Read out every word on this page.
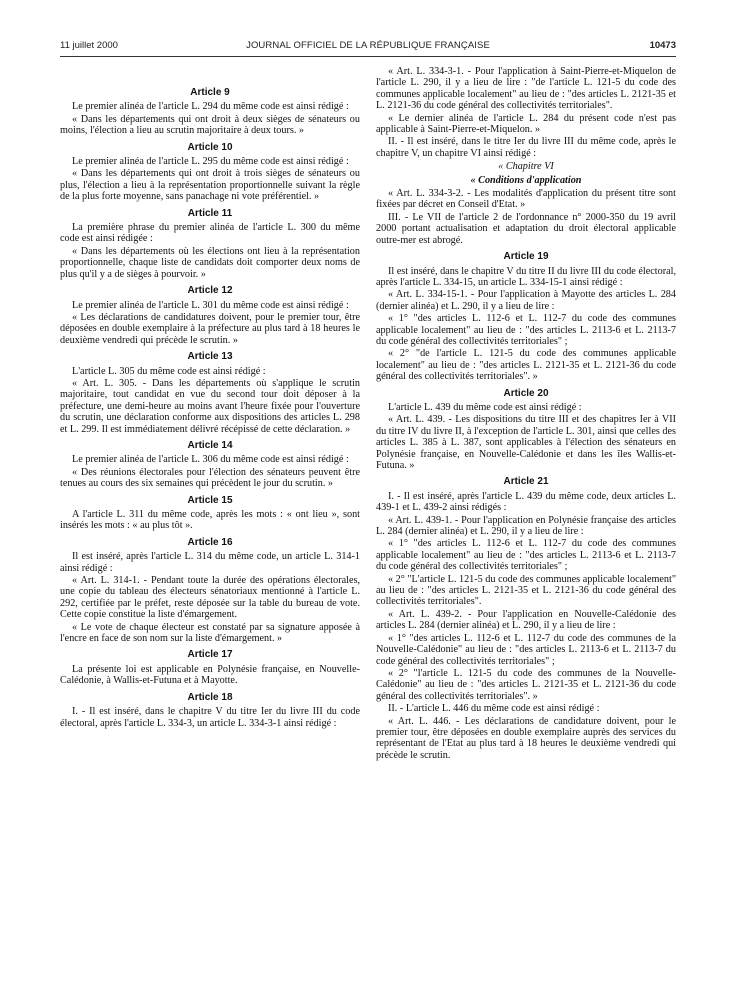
11 juillet 2000	JOURNAL OFFICIEL DE LA RÉPUBLIQUE FRANÇAISE	10473
Article 9
Le premier alinéa de l'article L. 294 du même code est ainsi rédigé :
« Dans les départements qui ont droit à deux sièges de sénateurs ou moins, l'élection a lieu au scrutin majoritaire à deux tours. »
Article 10
Le premier alinéa de l'article L. 295 du même code est ainsi rédigé :
« Dans les départements qui ont droit à trois sièges de sénateurs ou plus, l'élection a lieu à la représentation proportionnelle suivant la règle de la plus forte moyenne, sans panachage ni vote préférentiel. »
Article 11
La première phrase du premier alinéa de l'article L. 300 du même code est ainsi rédigée :
« Dans les départements où les élections ont lieu à la représentation proportionnelle, chaque liste de candidats doit comporter deux noms de plus qu'il y a de sièges à pourvoir. »
Article 12
Le premier alinéa de l'article L. 301 du même code est ainsi rédigé :
« Les déclarations de candidatures doivent, pour le premier tour, être déposées en double exemplaire à la préfecture au plus tard à 18 heures le deuxième vendredi qui précède le scrutin. »
Article 13
L'article L. 305 du même code est ainsi rédigé :
« Art. L. 305. - Dans les départements où s'applique le scrutin majoritaire, tout candidat en vue du second tour doit déposer à la préfecture, une demi-heure au moins avant l'heure fixée pour l'ouverture du scrutin, une déclaration conforme aux dispositions des articles L. 298 et L. 299. Il est immédiatement délivré récépissé de cette déclaration. »
Article 14
Le premier alinéa de l'article L. 306 du même code est ainsi rédigé :
« Des réunions électorales pour l'élection des sénateurs peuvent être tenues au cours des six semaines qui précèdent le jour du scrutin. »
Article 15
A l'article L. 311 du même code, après les mots : « ont lieu », sont insérés les mots : « au plus tôt ».
Article 16
Il est inséré, après l'article L. 314 du même code, un article L. 314-1 ainsi rédigé :
« Art. L. 314-1. - Pendant toute la durée des opérations électorales, une copie du tableau des électeurs sénatoriaux mentionné à l'article L. 292, certifiée par le préfet, reste déposée sur la table du bureau de vote. Cette copie constitue la liste d'émargement.
« Le vote de chaque électeur est constaté par sa signature apposée à l'encre en face de son nom sur la liste d'émargement. »
Article 17
La présente loi est applicable en Polynésie française, en Nouvelle-Calédonie, à Wallis-et-Futuna et à Mayotte.
Article 18
I. - Il est inséré, dans le chapitre V du titre Ier du livre III du code électoral, après l'article L. 334-3, un article L. 334-3-1 ainsi rédigé :
« Art. L. 334-3-1. - Pour l'application à Saint-Pierre-et-Miquelon de l'article L. 290, il y a lieu de lire : "de l'article L. 121-5 du code des communes applicable localement" au lieu de : "des articles L. 2121-35 et L. 2121-36 du code général des collectivités territoriales".
« Le dernier alinéa de l'article L. 284 du présent code n'est pas applicable à Saint-Pierre-et-Miquelon. »
II. - Il est inséré, dans le titre Ier du livre III du même code, après le chapitre V, un chapitre VI ainsi rédigé :
« Chapitre VI
« Conditions d'application
« Art. L. 334-3-2. - Les modalités d'application du présent titre sont fixées par décret en Conseil d'Etat. »
III. - Le VII de l'article 2 de l'ordonnance n° 2000-350 du 19 avril 2000 portant actualisation et adaptation du droit électoral applicable outre-mer est abrogé.
Article 19
Il est inséré, dans le chapitre V du titre II du livre III du code électoral, après l'article L. 334-15, un article L. 334-15-1 ainsi rédigé :
« Art. L. 334-15-1. - Pour l'application à Mayotte des articles L. 284 (dernier alinéa) et L. 290, il y a lieu de lire :
« 1° "des articles L. 112-6 et L. 112-7 du code des communes applicable localement" au lieu de : "des articles L. 2113-6 et L. 2113-7 du code général des collectivités territoriales" ;
« 2° "de l'article L. 121-5 du code des communes applicable localement" au lieu de : "des articles L. 2121-35 et L. 2121-36 du code général des collectivités territoriales". »
Article 20
L'article L. 439 du même code est ainsi rédigé :
« Art. L. 439. - Les dispositions du titre III et des chapitres Ier à VII du titre IV du livre II, à l'exception de l'article L. 301, ainsi que celles des articles L. 385 à L. 387, sont applicables à l'élection des sénateurs en Polynésie française, en Nouvelle-Calédonie et dans les îles Wallis-et-Futuna. »
Article 21
I. - Il est inséré, après l'article L. 439 du même code, deux articles L. 439-1 et L. 439-2 ainsi rédigés :
« Art. L. 439-1. - Pour l'application en Polynésie française des articles L. 284 (dernier alinéa) et L. 290, il y a lieu de lire :
« 1° "des articles L. 112-6 et L. 112-7 du code des communes applicable localement" au lieu de : "des articles L. 2113-6 et L. 2113-7 du code général des collectivités territoriales" ;
« 2° "L'article L. 121-5 du code des communes applicable localement" au lieu de : "des articles L. 2121-35 et L. 2121-36 du code général des collectivités territoriales".
« Art. L. 439-2. - Pour l'application en Nouvelle-Calédonie des articles L. 284 (dernier alinéa) et L. 290, il y a lieu de lire :
« 1° "des articles L. 112-6 et L. 112-7 du code des communes de la Nouvelle-Calédonie" au lieu de : "des articles L. 2113-6 et L. 2113-7 du code général des collectivités territoriales" ;
« 2° "l'article L. 121-5 du code des communes de la Nouvelle-Calédonie" au lieu de : "des articles L. 2121-35 et L. 2121-36 du code général des collectivités territoriales". »
II. - L'article L. 446 du même code est ainsi rédigé :
« Art. L. 446. - Les déclarations de candidature doivent, pour le premier tour, être déposées en double exemplaire auprès des services du représentant de l'Etat au plus tard à 18 heures le deuxième vendredi qui précède le scrutin.
